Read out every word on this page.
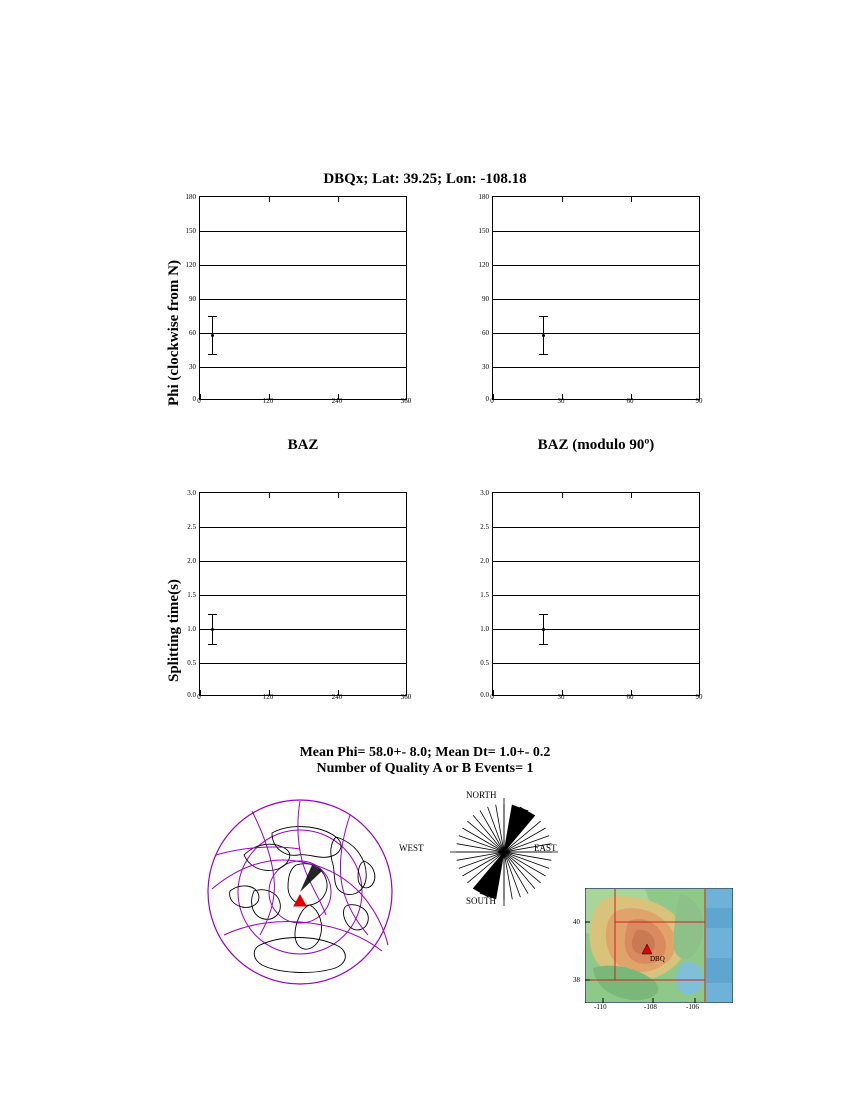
DBQx; Lat: 39.25; Lon: -108.18
Phi (clockwise from N)
180
150
120
90
60
30
0 0	120	240	360
180
150
120
90
60
30
0 0	30	60	90
BAZ	BAZ (modulo 90º)
Splitting time(s)
3.0
2.5
2.0
1.5
1.0
0.5
0.0 0	120	240	360
3.0
2.5
2.0
1.5
1.0
0.5
0.0 0	30	60	90
Mean Phi= 58.0+- 8.0; Mean Dt= 1.0+- 0.2
Number of Quality A or B Events= 1
NORTH
SOUTH
EAST
WEST
40
38
-110	-108	-106
DBQ
